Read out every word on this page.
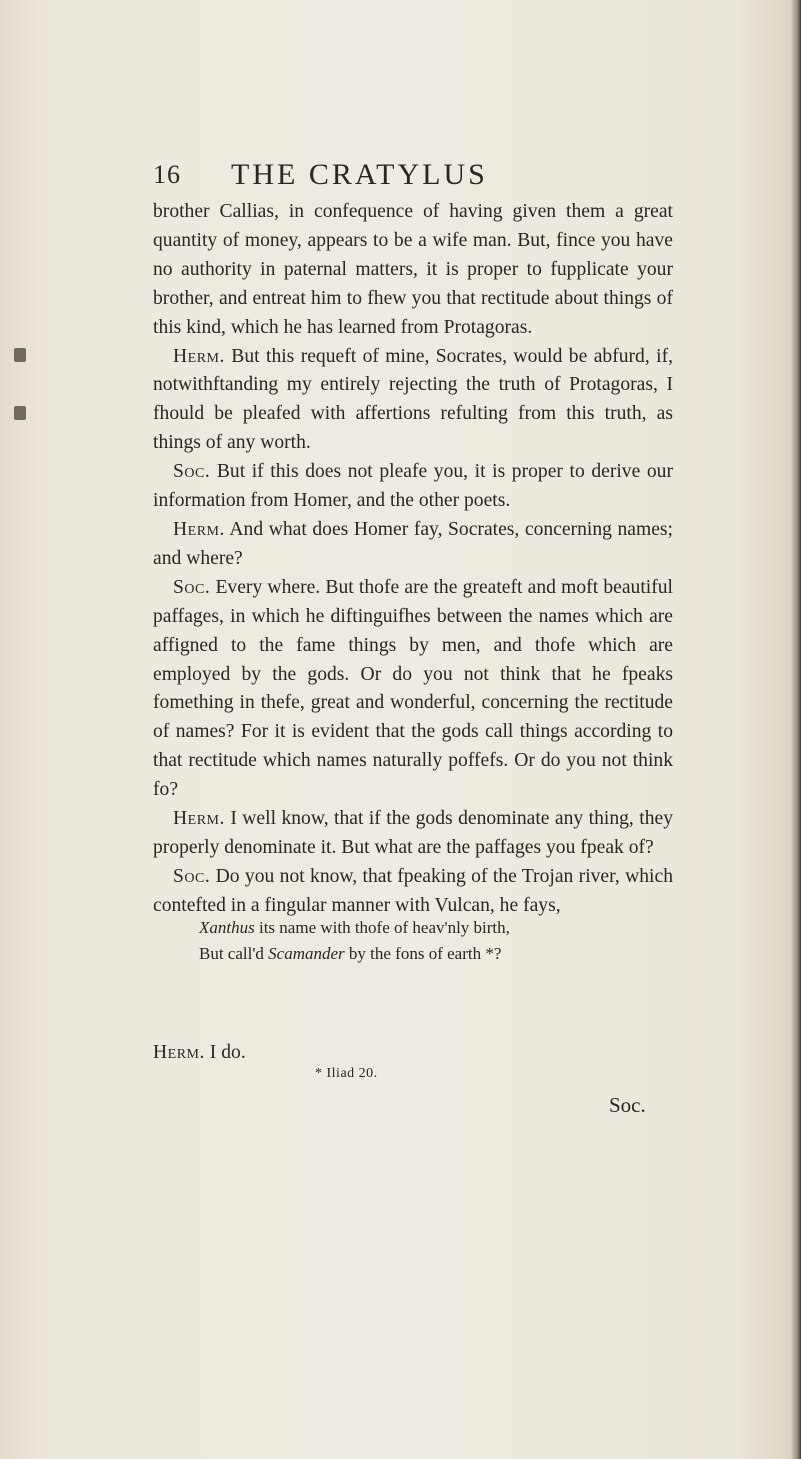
16 THE CRATYLUS

brother Callias, in confequence of having given them a great quantity of money, appears to be a wife man. But, fince you have no authority in paternal matters, it is proper to fupplicate your brother, and entreat him to fhew you that rectitude about things of this kind, which he has learned from Protagoras.

Herm. But this requeft of mine, Socrates, would be abfurd, if, notwithftanding my entirely rejecting the truth of Protagoras, I fhould be pleafed with affertions refulting from this truth, as things of any worth.

Soc. But if this does not pleafe you, it is proper to derive our information from Homer, and the other poets.

Herm. And what does Homer fay, Socrates, concerning names; and where?

Soc. Every where. But thofe are the greateft and moft beautiful paffages, in which he diftinguifhes between the names which are affigned to the fame things by men, and thofe which are employed by the gods. Or do you not think that he fpeaks fomething in thefe, great and wonderful, concerning the rectitude of names? For it is evident that the gods call things according to that rectitude which names naturally poffefs. Or do you not think fo?

Herm. I well know, that if the gods denominate any thing, they properly denominate it. But what are the paffages you fpeak of?

Soc. Do you not know, that fpeaking of the Trojan river, which contefted in a fingular manner with Vulcan, he fays,

Xanthus its name with thofe of heav'nly birth,
But call'd Scamander by the fons of earth *?
Herm. I do.
* Iliad 20.
Soc.
